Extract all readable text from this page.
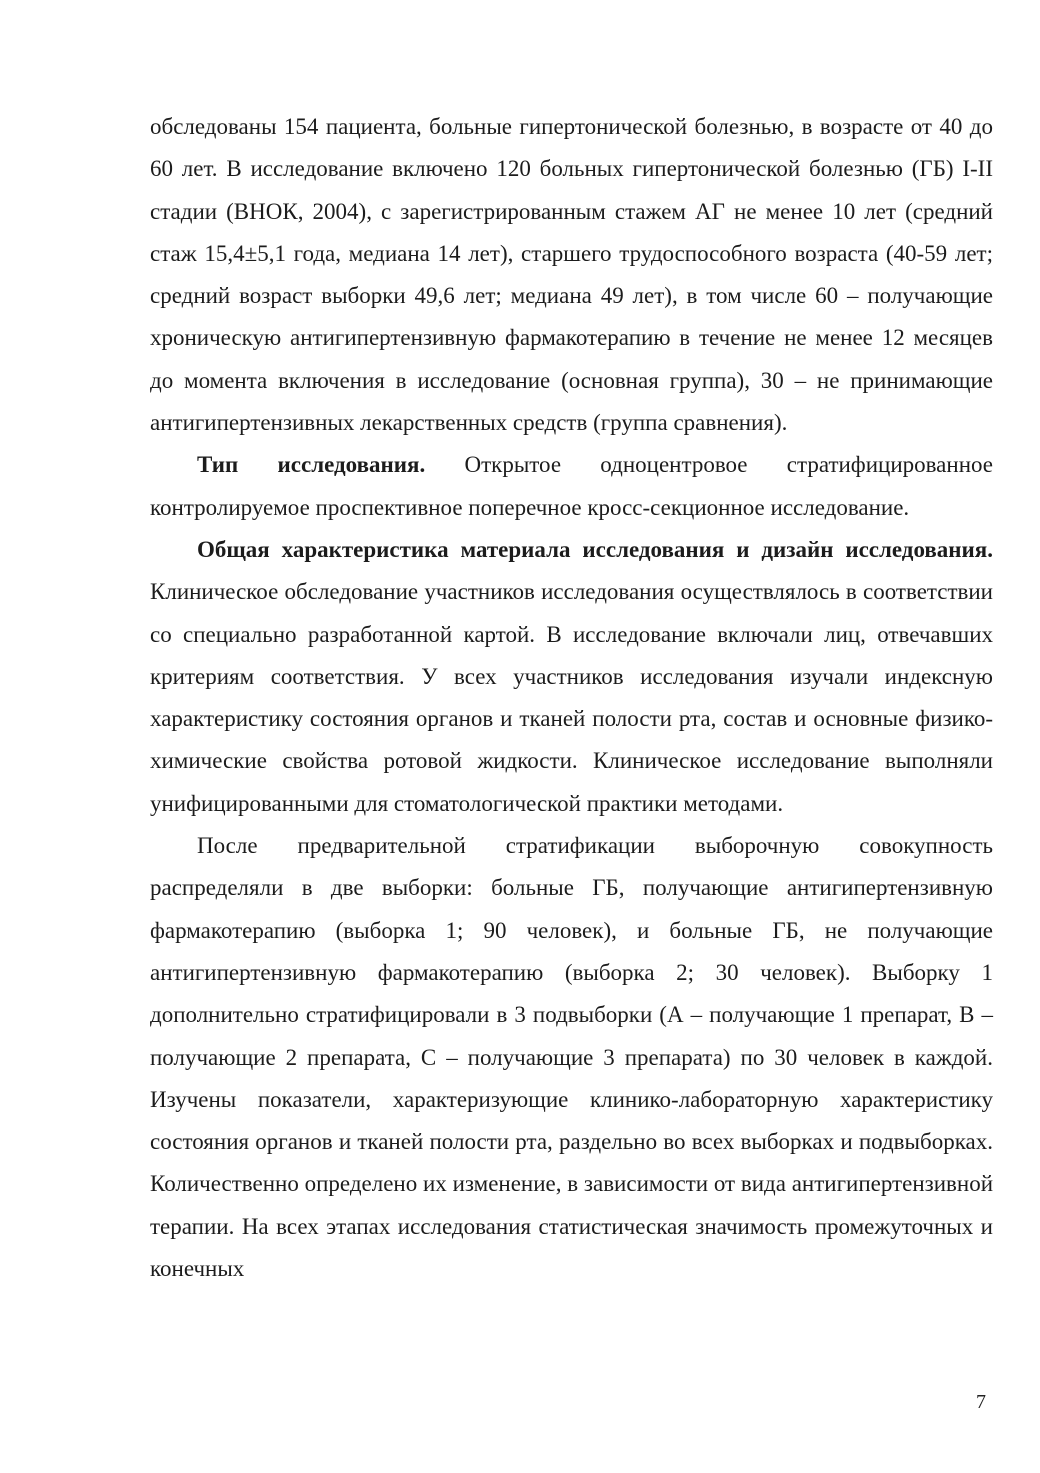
обследованы 154 пациента, больные гипертонической болезнью, в возрасте от 40 до 60 лет. В исследование включено 120 больных гипертонической болезнью (ГБ) I-II стадии (ВНОК, 2004), с зарегистрированным стажем АГ не менее 10 лет (средний стаж 15,4±5,1 года, медиана 14 лет), старшего трудоспособного возраста (40-59 лет; средний возраст выборки 49,6 лет; медиана 49 лет), в том числе 60 – получающие хроническую антигипертензивную фармакотерапию в течение не менее 12 месяцев до момента включения в исследование (основная группа), 30 – не принимающие антигипертензивных лекарственных средств (группа сравнения).

Тип исследования. Открытое одноцентровое стратифицированное контролируемое проспективное поперечное кросс-секционное исследование.

Общая характеристика материала исследования и дизайн исследования. Клиническое обследование участников исследования осуществлялось в соответствии со специально разработанной картой. В исследование включали лиц, отвечавших критериям соответствия. У всех участников исследования изучали индексную характеристику состояния органов и тканей полости рта, состав и основные физико-химические свойства ротовой жидкости. Клиническое исследование выполняли унифицированными для стоматологической практики методами.

После предварительной стратификации выборочную совокупность распределяли в две выборки: больные ГБ, получающие антигипертензивную фармакотерапию (выборка 1; 90 человек), и больные ГБ, не получающие антигипертензивную фармакотерапию (выборка 2; 30 человек). Выборку 1 дополнительно стратифицировали в 3 подвыборки (А – получающие 1 препарат, В – получающие 2 препарата, С – получающие 3 препарата) по 30 человек в каждой. Изучены показатели, характеризующие клинико-лабораторную характеристику состояния органов и тканей полости рта, раздельно во всех выборках и подвыборках. Количественно определено их изменение, в зависимости от вида антигипертензивной терапии. На всех этапах исследования статистическая значимость промежуточных и конечных

7
